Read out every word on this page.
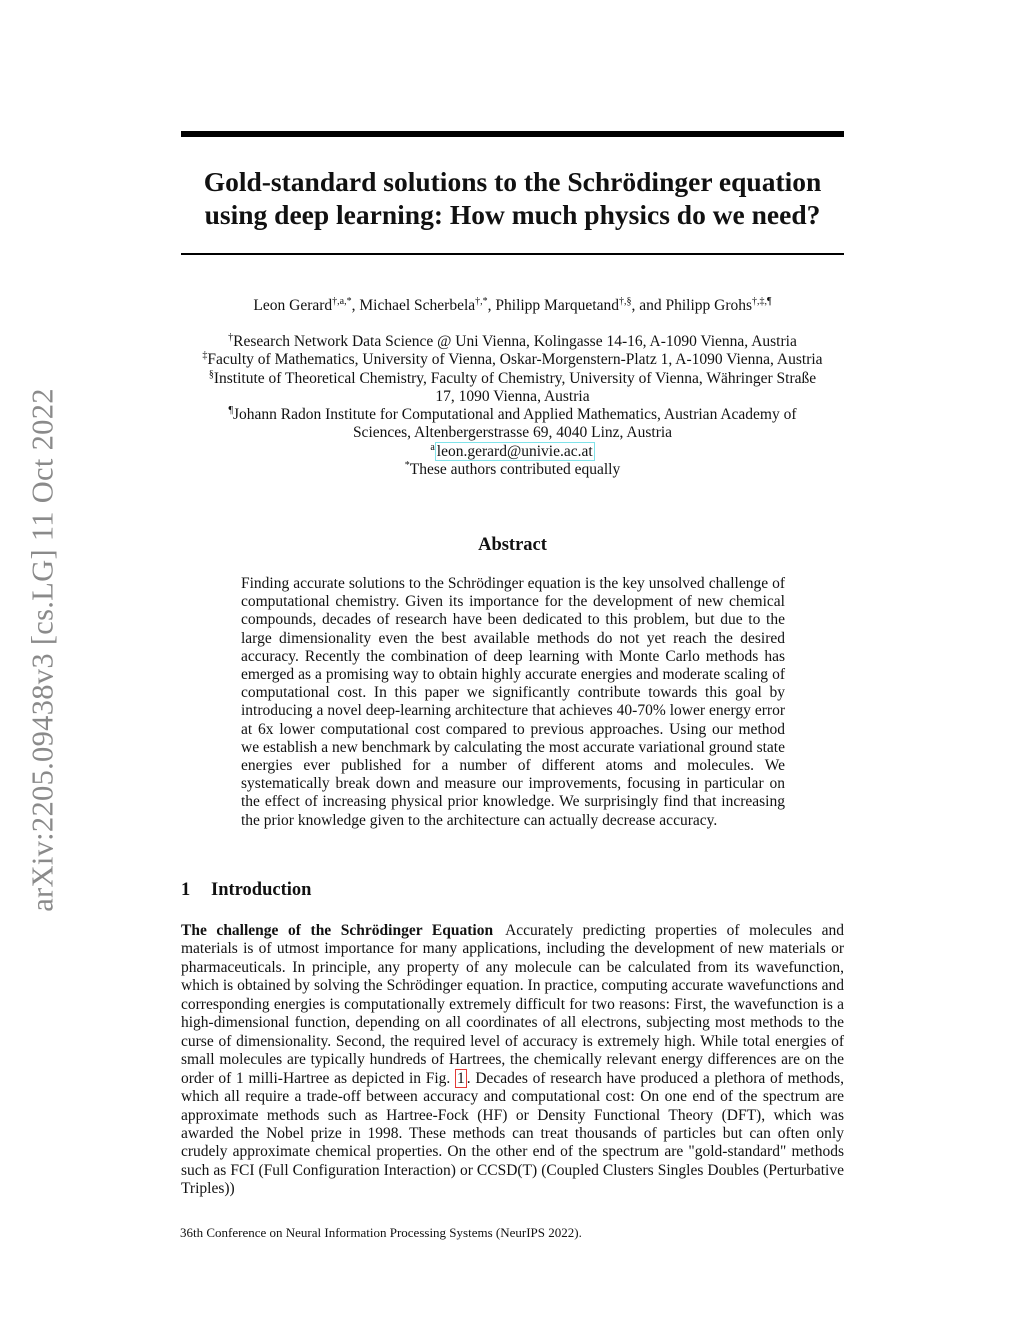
arXiv:2205.09438v3 [cs.LG] 11 Oct 2022
Gold-standard solutions to the Schrödinger equation
using deep learning: How much physics do we need?
Leon Gerard$^{\dagger,a,*}$, Michael Scherbela†,*, Philipp Marquetand†,§, and Philipp Grohs†,‡,¶
†Research Network Data Science @ Uni Vienna, Kolingasse 14-16, A-1090 Vienna, Austria
‡Faculty of Mathematics, University of Vienna, Oskar-Morgenstern-Platz 1, A-1090 Vienna, Austria
§Institute of Theoretical Chemistry, Faculty of Chemistry, University of Vienna, Währinger Straße
17, 1090 Vienna, Austria
¶Johann Radon Institute for Computational and Applied Mathematics, Austrian Academy of
Sciences, Altenbergerstrasse 69, 4040 Linz, Austria
$^a$ leon.gerard@univie.ac.at
*These authors contributed equally
Abstract

Finding accurate solutions to the Schrödinger equation is the key unsolved challenge of computational chemistry. Given its importance for the development of new chemical compounds, decades of research have been dedicated to this problem, but due to the large dimensionality even the best available methods do not yet reach the desired accuracy. Recently the combination of deep learning with Monte Carlo methods has emerged as a promising way to obtain highly accurate energies and moderate scaling of computational cost. In this paper we significantly contribute towards this goal by introducing a novel deep-learning architecture that achieves 40-70% lower energy error at 6x lower computational cost compared to previous approaches. Using our method we establish a new benchmark by calculating the most accurate variational ground state energies ever published for a number of different atoms and molecules. We systematically break down and measure our improvements, focusing in particular on the effect of increasing physical prior knowledge. We surprisingly find that increasing the prior knowledge given to the architecture can actually decrease accuracy.

1 Introduction

The challenge of the Schrödinger Equation Accurately predicting properties of molecules and materials is of utmost importance for many applications, including the development of new materials or pharmaceuticals. In principle, any property of any molecule can be calculated from its wavefunction, which is obtained by solving the Schrödinger equation. In practice, computing accurate wavefunctions and corresponding energies is computationally extremely difficult for two reasons: First, the wavefunction is a high-dimensional function, depending on all coordinates of all electrons, subjecting most methods to the curse of dimensionality. Second, the required level of accuracy is extremely high. While total energies of small molecules are typically hundreds of Hartrees, the chemically relevant energy differences are on the order of 1 milli-Hartree as depicted in Fig. 1 . Decades of research have produced a plethora of methods, which all require a trade-off between accuracy and computational cost: On one end of the spectrum are approximate methods such as Hartree-Fock (HF) or Density Functional Theory (DFT), which was awarded the Nobel prize in 1998. These methods can treat thousands of particles but can often only crudely approximate chemical properties. On the other end of the spectrum are "gold-standard" methods such as FCI (Full Configuration Interaction) or CCSD(T) (Coupled Clusters Singles Doubles (Perturbative Triples))

36th Conference on Neural Information Processing Systems (NeurIPS 2022).
